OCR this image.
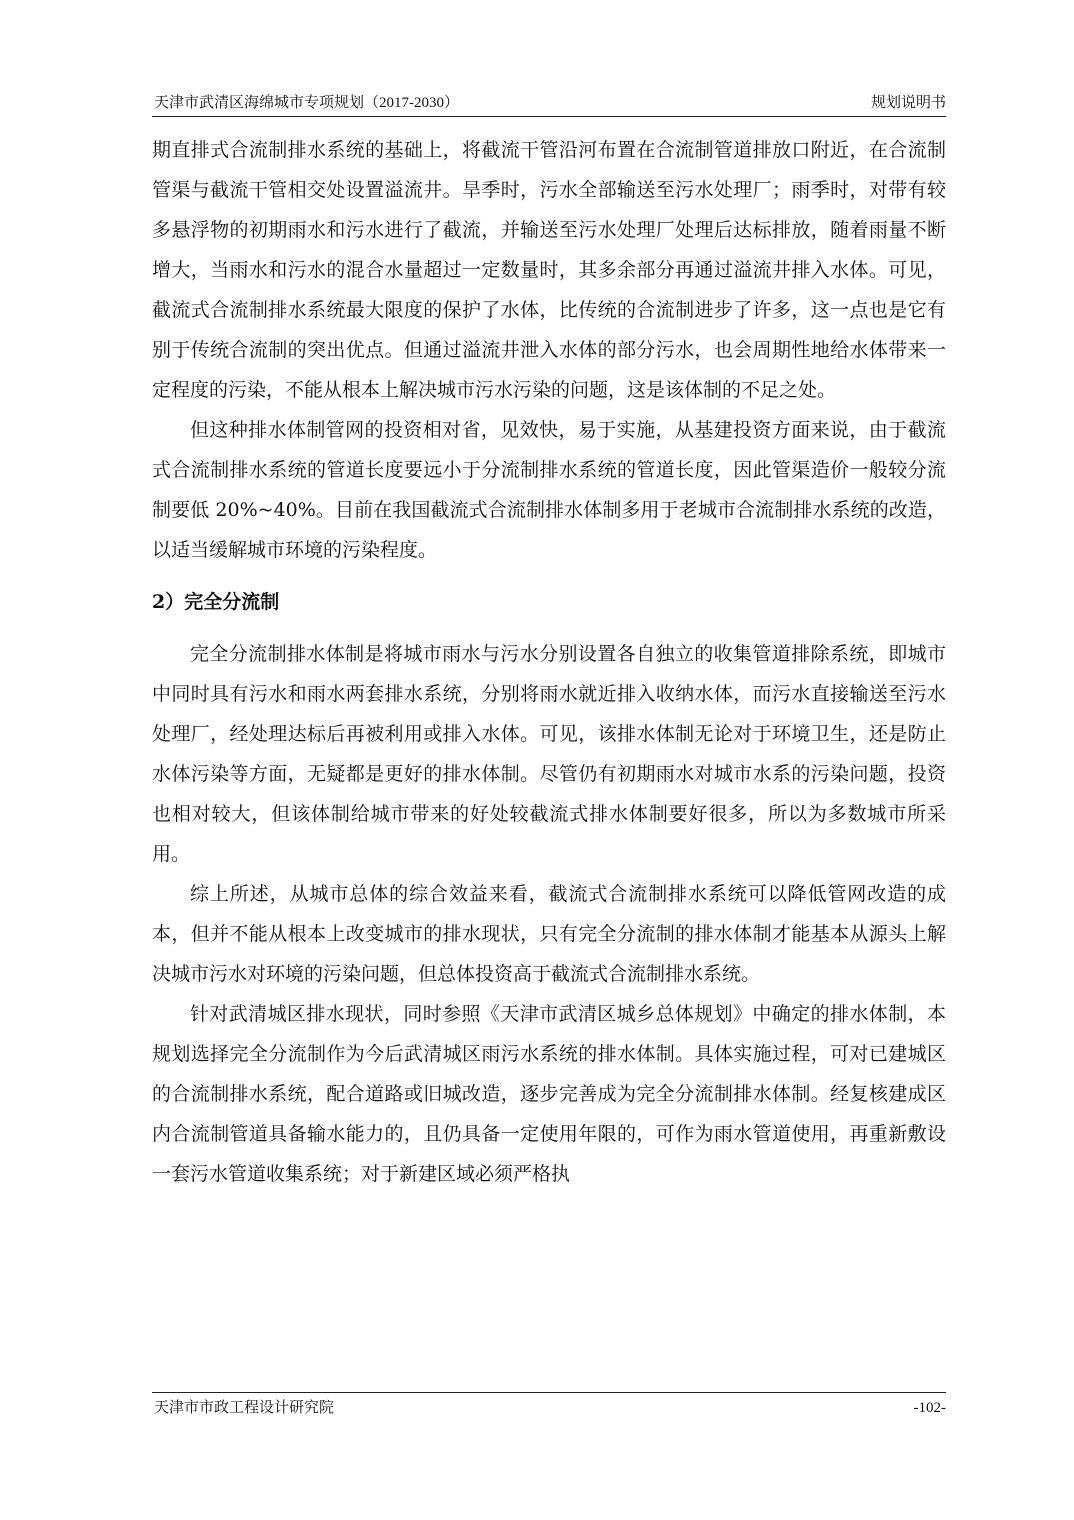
天津市武清区海绵城市专项规划（2017-2030）	规划说明书

期直排式合流制排水系统的基础上，将截流干管沿河布置在合流制管道排放口附近，在合流制管渠与截流干管相交处设置溢流井。旱季时，污水全部输送至污水处理厂；雨季时，对带有较多悬浮物的初期雨水和污水进行了截流，并输送至污水处理厂处理后达标排放，随着雨量不断增大，当雨水和污水的混合水量超过一定数量时，其多余部分再通过溢流井排入水体。可见，截流式合流制排水系统最大限度的保护了水体，比传统的合流制进步了许多，这一点也是它有别于传统合流制的突出优点。但通过溢流井泄入水体的部分污水，也会周期性地给水体带来一定程度的污染，不能从根本上解决城市污水污染的问题，这是该体制的不足之处。

但这种排水体制管网的投资相对省，见效快，易于实施，从基建投资方面来说，由于截流式合流制排水系统的管道长度要远小于分流制排水系统的管道长度，因此管渠造价一般较分流制要低 20%~40%。目前在我国截流式合流制排水体制多用于老城市合流制排水系统的改造，以适当缓解城市环境的污染程度。

2）完全分流制

完全分流制排水体制是将城市雨水与污水分别设置各自独立的收集管道排除系统，即城市中同时具有污水和雨水两套排水系统，分别将雨水就近排入收纳水体，而污水直接输送至污水处理厂，经处理达标后再被利用或排入水体。可见，该排水体制无论对于环境卫生，还是防止水体污染等方面，无疑都是更好的排水体制。尽管仍有初期雨水对城市水系的污染问题，投资也相对较大，但该体制给城市带来的好处较截流式排水体制要好很多，所以为多数城市所采用。

综上所述，从城市总体的综合效益来看，截流式合流制排水系统可以降低管网改造的成本，但并不能从根本上改变城市的排水现状，只有完全分流制的排水体制才能基本从源头上解决城市污水对环境的污染问题，但总体投资高于截流式合流制排水系统。

针对武清城区排水现状，同时参照《天津市武清区城乡总体规划》中确定的排水体制，本规划选择完全分流制作为今后武清城区雨污水系统的排水体制。具体实施过程，可对已建城区的合流制排水系统，配合道路或旧城改造，逐步完善成为完全分流制排水体制。经复核建成区内合流制管道具备输水能力的，且仍具备一定使用年限的，可作为雨水管道使用，再重新敷设一套污水管道收集系统；对于新建区域必须严格执

天津市市政工程设计研究院	-102-
